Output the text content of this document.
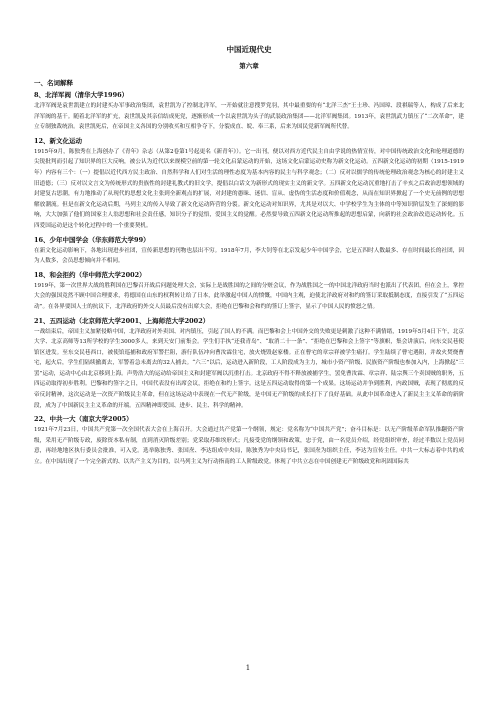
中国近现代史
第六章
一、名词解释
8、北洋军阀（清华大学1996）

北洋军阀是袁世凯建立的封建买办军事政治集团，袁世凯为了控制北洋军，一开始就注意搜罗党羽，其中最重要的有“北洋三杰”王士珍、冯国璋、段祺瑞等人，构成了后来北洋军阀的基干。随着北洋军的扩充，袁世凯及其亲信结成死党，逐渐形成一个以袁世凯为头子的武装政治集团——北洋军阀集团。1913年，袁世凯武力镇压了“二次革命”，建立专制独裁统治。袁世凯死后，在帝国主义各国的分别收买和互相争夺下，分裂成直、皖、奉三系，后来为国民党新军阀所代替。

12、新文化运动

1915年9月，陈独秀在上海创办了《青年》杂志（从第2卷第1号起更名《新青年》）。它一出刊，便以对西方近代民主自由学说的热情宣传，对中国传统政治文化和伦理道德的尖锐批判而引起了知识界的巨大反响，被公认为近代以来规模空前的第一轮文化启蒙运动的开始，这场文化启蒙运动史称为新文化运动。五四新文化运动的初期（1915-1919年）内容有三个：（一）提倡以近代西方民主政治、自然科学和人们对生活的理性态度为基本内容的民主与科学观念；（二）反对以儒学的传统伦理政治观念为核心的封建主义旧道德；（三）反对以文言文为传统形式的贵族性的封建礼教式的旧文学，提倡以白话文为新形式的现实主义的新文学。五四新文化运动沉重地打击了辛亥之后政治思想领域的封建复古思潮，有力地推动了从现代的思想文化主张到全新观点的扩展，对封建的愚昧、迷信、盲从、虚伪的生活态度和价值观念，从而在知识界掀起了一个史无前例的思想解放潮流。但是在新文化运动后期，马列主义的传入导致了新文化运动阵营的分裂。新文化运动对知识界，尤其是对以大、中学校学生为主体的中等知识阶层发生了深刻的影响，大大加强了他们的国家主人翁思想和社会责任感，知识分子的觉悟，爱国主义的觉醒。必然要导致五四新文化运动所推起的思想启蒙，向新的社会政治改造运动转化。五四爱国运动是这个转化过程中的一个重要契机。

16、少年中国学会（华东师范大学99）

在新文化运动影响下，各地出现进步社团，宣传新思想的刊物也层出不穷。1918年7月，李大钊等在北京发起少年中国学会，它是五四时人数最多、存在时间最长的社团，因为人数多，会员思想倾向并不相同。

18、和会拒约（华中师范大学2002）

1919年，第一次世界大战的胜利国在巴黎召开战后问题处理大会，实际上是战胜国的之间的分赃会议，作为战胜国之一的中国北洋政府当时也派出了代表团，但在会上，掌控大会的强国竟然不顾中国合理要求，将德国在山东的权利转让给了日本，此举激起中国人的愤慨，中国内主观，迫使北洋政府对和约的签订采取抵制态度，直接引发了“五四运动”。在各界要国人士的抗议下，北洋政府的外交人员最后没有出席大会，拒绝在巴黎和会和约的签订上签字，显示了中国人民的愤怒之情。

21、五四运动（北京师范大学2001、上海师范大学2002）

一战结束后，帝国主义加紧侵略中国，北洋政府对外卖国、对内镇压，引起了国人的不满。而巴黎和会上中国外交的失败更是刺激了这种不满情绪，1919年5月4日下午，北京大学、北京高师等13所学校的学生3000多人，来到天安门前集会。学生们手执“还我青岛”、“取消二十一条”、“拒绝在巴黎和会上签字”等旗帜，集会讲演后，向东交民巷使馆区进发。至东交民巷西口，被使馆巡捕和政府军警拦阻，游行队伍冲向曹汝霖住宅，放火烧毁赵家楼。正在曹宅的章宗祥被学生痛打。学生陆续了曹宅遇阻，并故火焚烧曹宅，起火后，学生们陆续撤离去，军警着急未离去的32人捕去。“六三”以后，运动进入新阶段，工人阶段成为主力，城市小资产阶级、民族资产阶级也参加入内，上海掀起“三罢”运动，运动中心由北京移到上海。声势浩大的运动给帝国主义和封建军阀以沉重打击。北京政府不得不释放被捕学生，罢免曹汝霖、章宗祥、陆宗舆三个卖国贼的职务，五四运动取得初步胜利。巴黎和约签字之日，中国代表没有出席会议，拒绝在和约上签字。这是五四运动取得的第一个成果。这场运动并争到胜利，内政国贼，表现了彻底的反帝反封精神，这次运动是一次资产阶级民主革命，但在这场运动中表现在一代无产阶级，是中国无产阶级的成长打下了良好基础。从此中国革命进入了新民主主义革命的新阶段，成为了中国新民主主义革命的开端。五四精神即爱国、进步、民主、科学的精神。

22、中共一大（南京大学2005）

1921年7月23日，中国共产党第一次全国代表大会在上海召开。大会通过共产党第一个纲领，规定：党名称为“中国共产党”；奋斗目标是：以无产阶级革命军队推翻资产阶级，采用无产阶级专政，废除资本私有制，直到消灭阶级差别；党采取苏维埃形式；凡接受党的纲领和政策，忠于党，由一名党员介绍，经党组织审查，经过半数以上党员同意，再经地地区执行委员会批准，可入党。选举陈独秀、张国焘、李达组成中央局，陈独秀为中央局书记，张国焘为组织主任，李达为宣传主任。中共一大标志着中共的成立。在中国出现了一个完全新式的、以共产主义为目的，以马列主义为行动指南的工人阶级政党。体现了中共立志在中国创建无产阶级政党和巩固国际共

1
